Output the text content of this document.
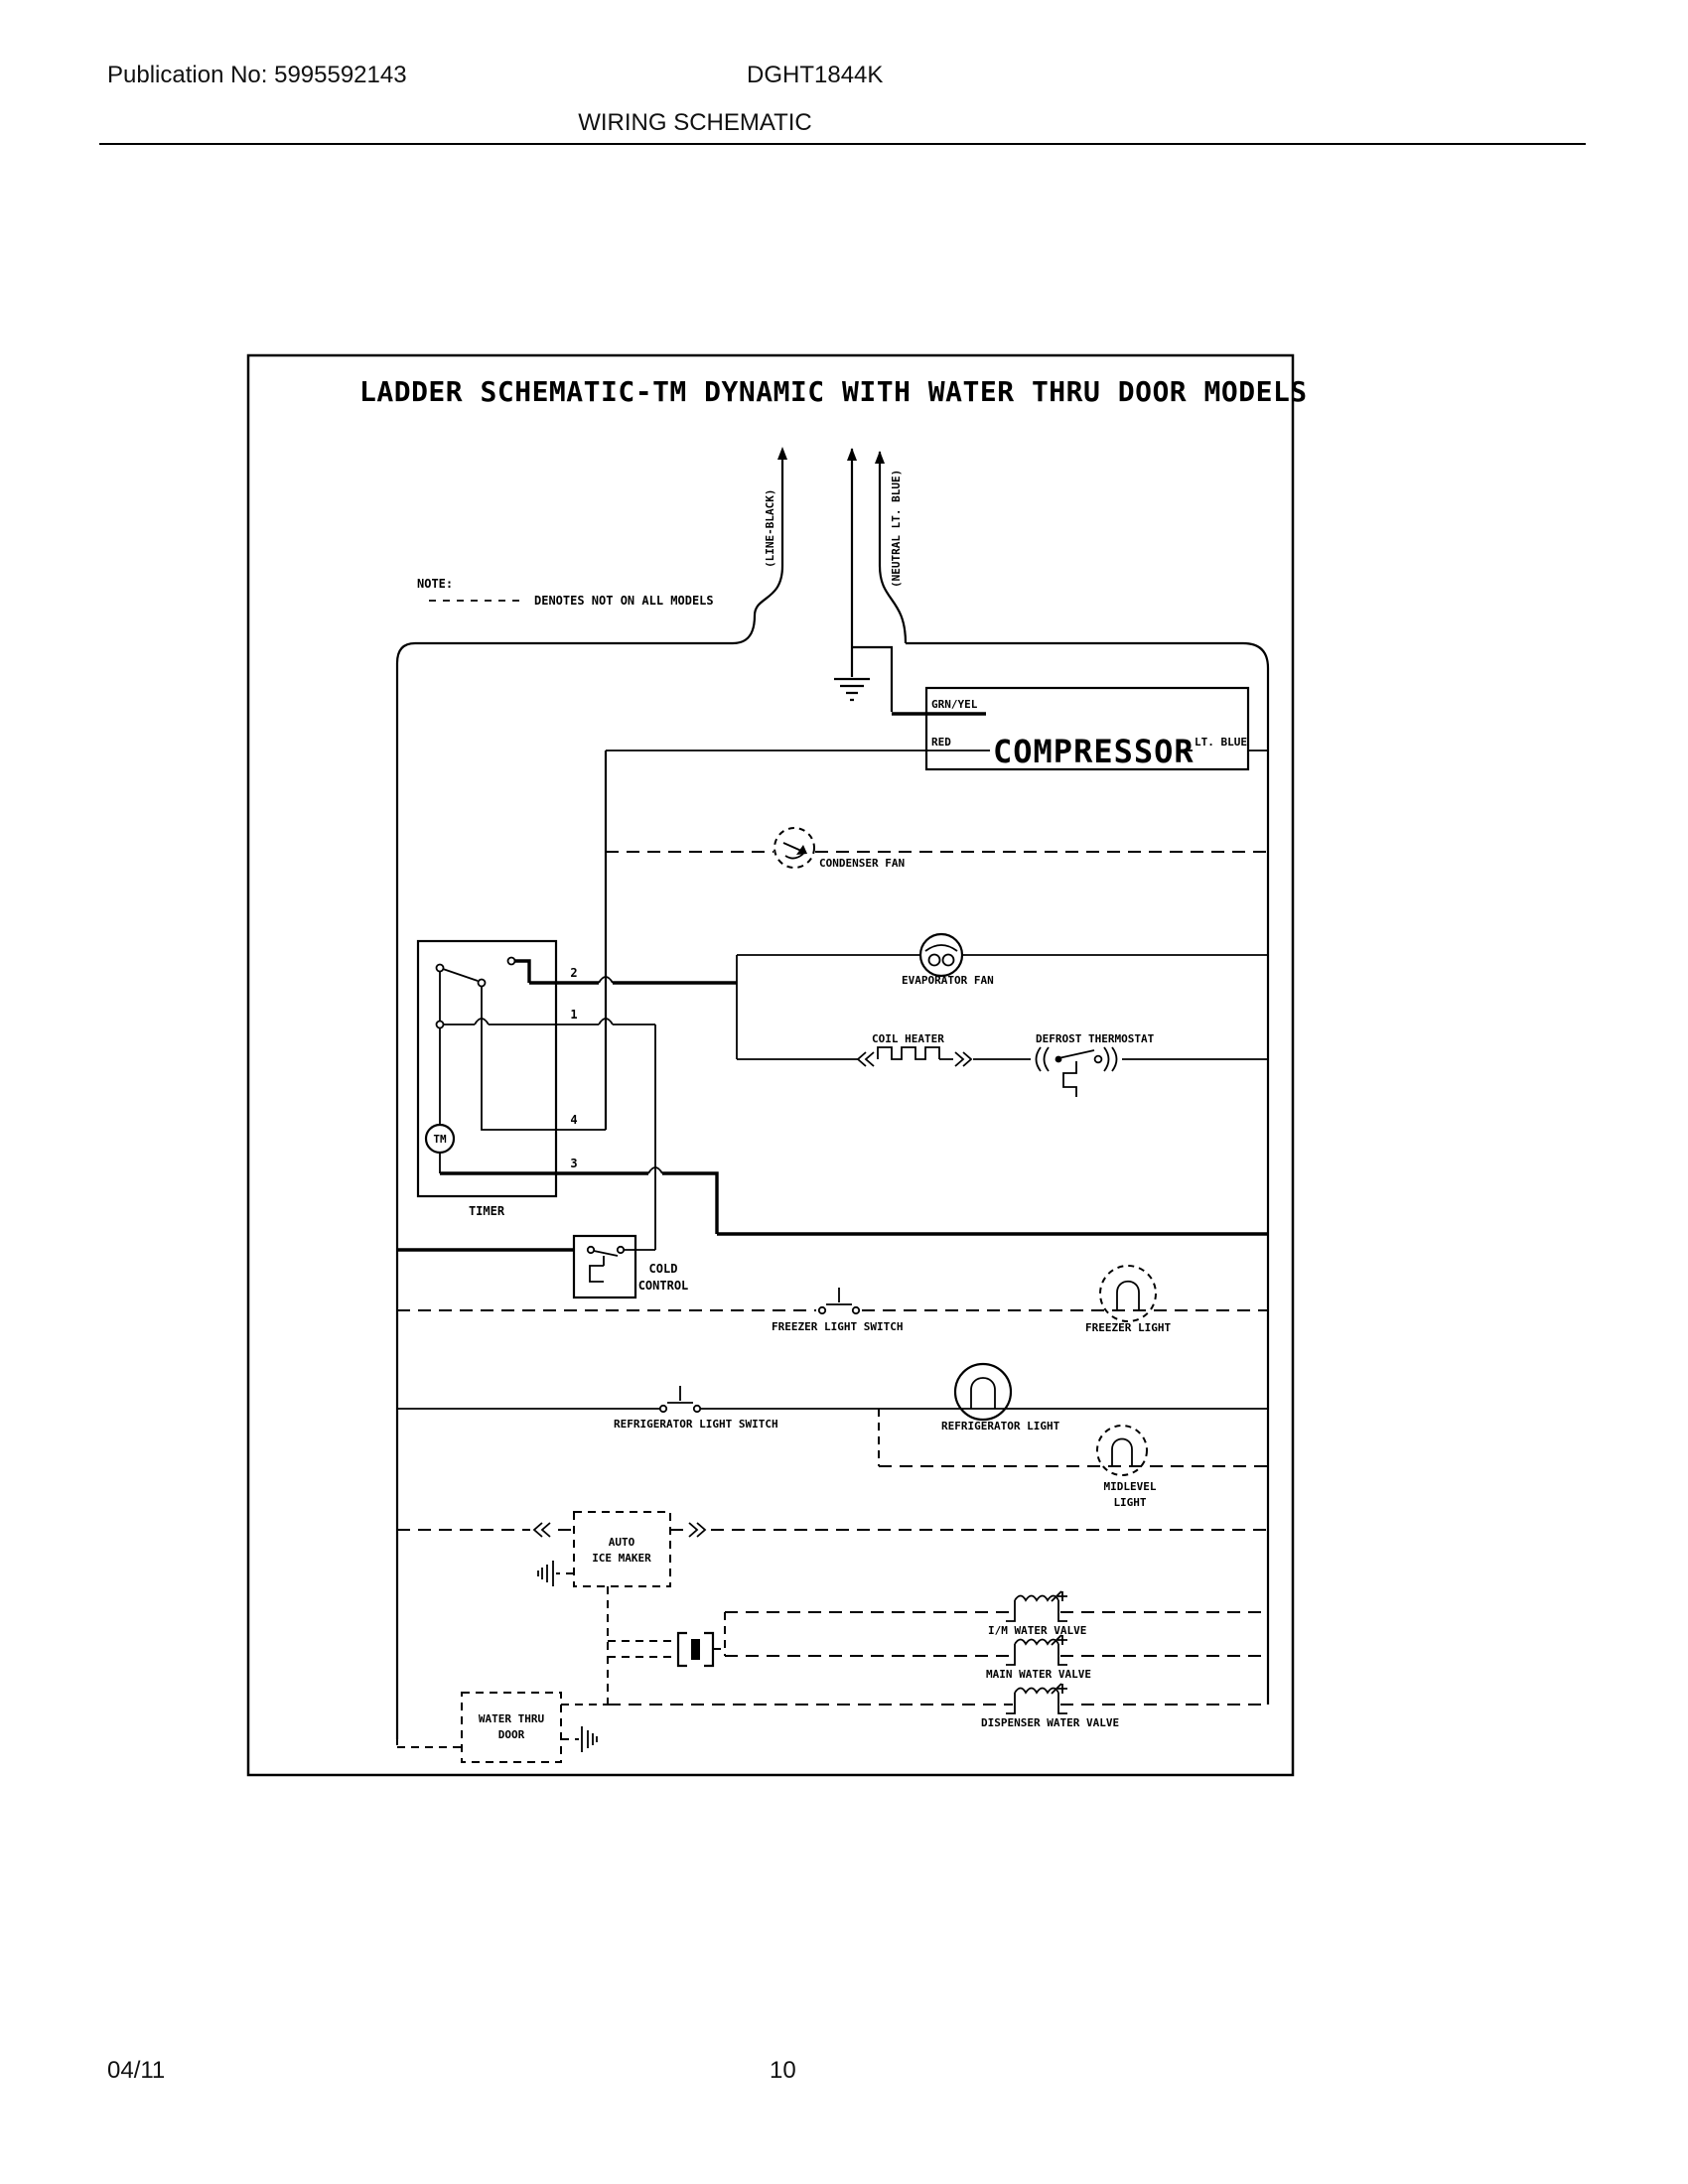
Publication No: 5995592143	DGHT1844K
WIRING SCHEMATIC
LADDER SCHEMATIC-TM DYNAMIC WITH WATER THRU DOOR MODELS
NOTE:
DENOTES NOT ON ALL MODELS
(LINE-BLACK)	(NEUTRAL LT. BLUE)
GRN/YEL
RED COMPRESSOR LT. BLUE
CONDENSER FAN
EVAPORATOR FAN
COIL HEATER	DEFROST THERMOSTAT
TM
2
1
4
3
TIMER
COLD
CONTROL
FREEZER LIGHT SWITCH	FREEZER LIGHT
REFRIGERATOR LIGHT SWITCH	REFRIGERATOR LIGHT
MIDLEVEL
LIGHT
AUTO
ICE MAKER
I/M WATER VALVE
MAIN WATER VALVE
DISPENSER WATER VALVE
WATER THRU
DOOR
04/11	10
